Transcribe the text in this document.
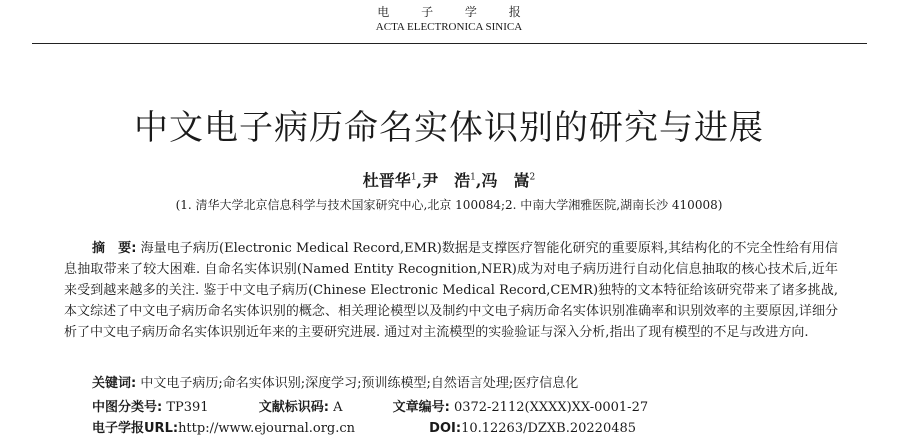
电 子 学 报
ACTA ELECTRONICA SINICA
中文电子病历命名实体识别的研究与进展
杜晋华$^1$,尹　浩$^1$,冯　嵩$^2$
(1. 清华大学北京信息科学与技术国家研究中心,北京 100084;2. 中南大学湘雅医院,湖南长沙 410008)
摘　要: 海量电子病历(Electronic Medical Record,EMR)数据是支撑医疗智能化研究的重要原料,其结构化的不完全性给有用信息抽取带来了较大困难. 自命名实体识别(Named Entity Recognition,NER)成为对电子病历进行自动化信息抽取的核心技术后,近年来受到越来越多的关注. 鉴于中文电子病历(Chinese Electronic Medical Record,CEMR)独特的文本特征给该研究带来了诸多挑战,本文综述了中文电子病历命名实体识别的概念、相关理论模型以及制约中文电子病历命名实体识别准确率和识别效率的主要原因,详细分析了中文电子病历命名实体识别近年来的主要研究进展. 通过对主流模型的实验验证与深入分析,指出了现有模型的不足与改进方向.
关键词: 中文电子病历;命名实体识别;深度学习;预训练模型;自然语言处理;医疗信息化
中图分类号: TP391	文献标识码: A	文章编号: 0372-2112(XXXX)XX-0001-27
电子学报URL:http://www.ejournal.org.cn	DOI:10.12263/DZXB.20220485
